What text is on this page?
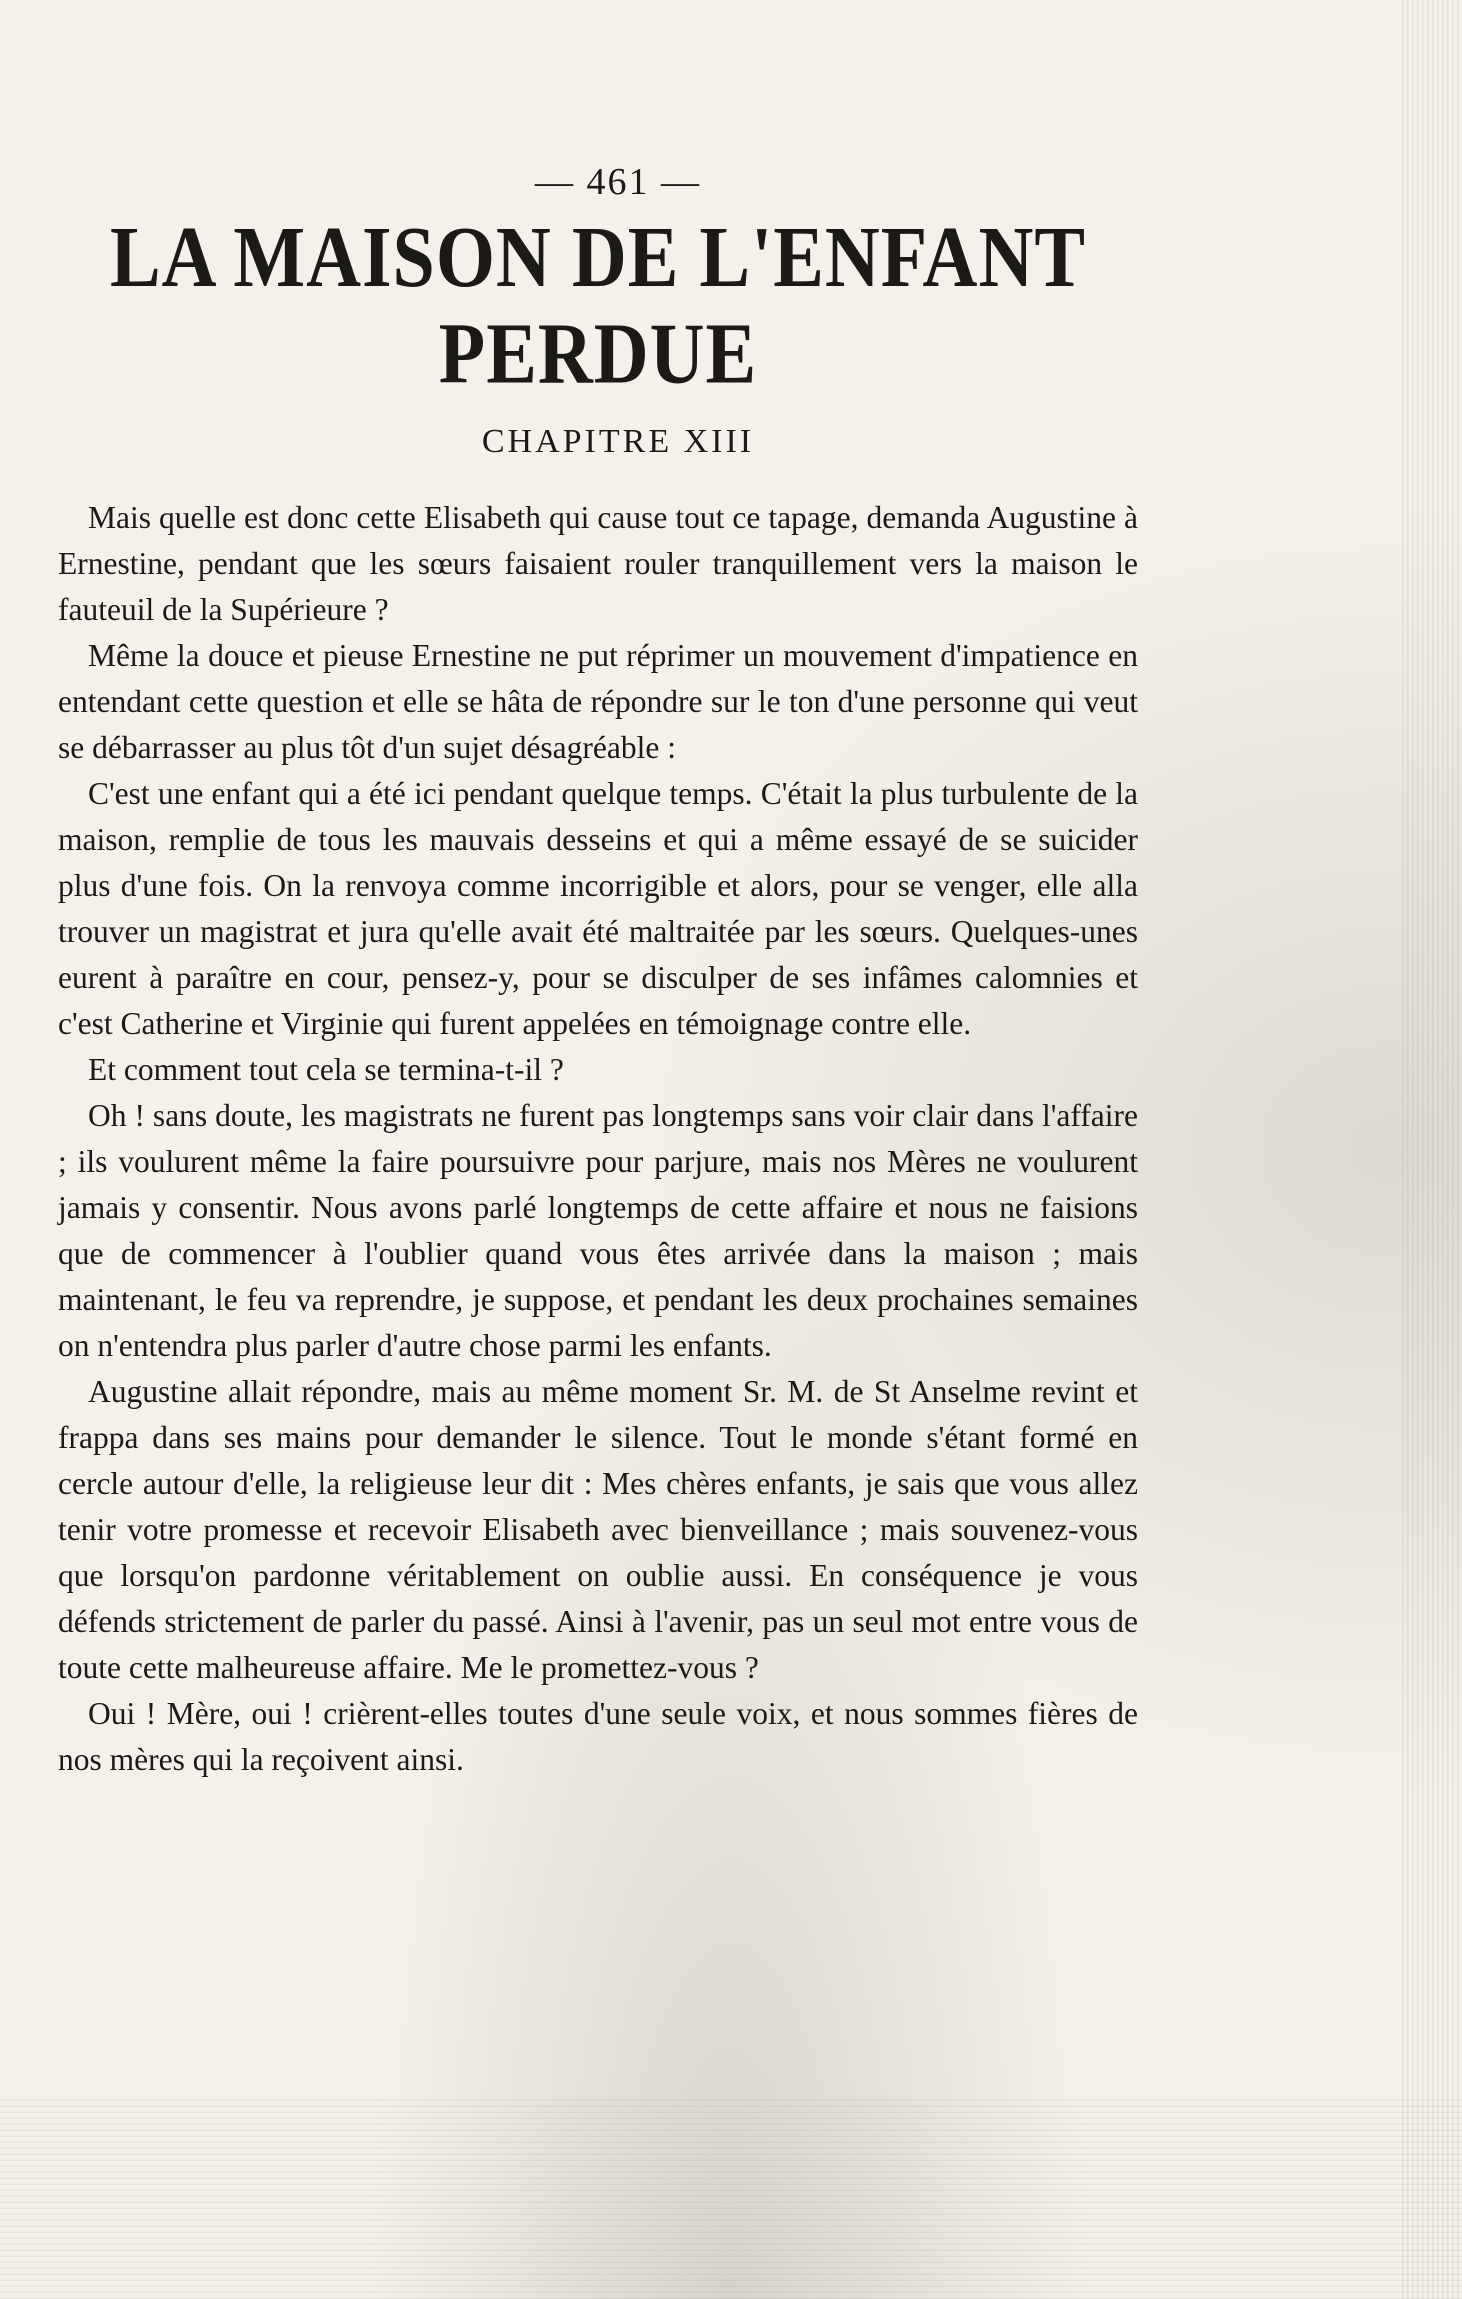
— 461 —
LA MAISON DE L'ENFANT PERDUE
CHAPITRE XIII

Mais quelle est donc cette Elisabeth qui cause tout ce tapage, demanda Augustine à Ernestine, pendant que les sœurs faisaient rouler tranquillement vers la maison le fauteuil de la Supérieure ?

Même la douce et pieuse Ernestine ne put réprimer un mouvement d'impatience en entendant cette question et elle se hâta de répondre sur le ton d'une personne qui veut se débarrasser au plus tôt d'un sujet désagréable :

C'est une enfant qui a été ici pendant quelque temps. C'était la plus turbulente de la maison, remplie de tous les mauvais desseins et qui a même essayé de se suicider plus d'une fois. On la renvoya comme incorrigible et alors, pour se venger, elle alla trouver un magistrat et jura qu'elle avait été maltraitée par les sœurs. Quelques-unes eurent à paraître en cour, pensez-y, pour se disculper de ses infâmes calomnies et c'est Catherine et Virginie qui furent appelées en témoignage contre elle.

Et comment tout cela se termina-t-il ?

Oh ! sans doute, les magistrats ne furent pas longtemps sans voir clair dans l'affaire ; ils voulurent même la faire poursuivre pour parjure, mais nos Mères ne voulurent jamais y consentir. Nous avons parlé longtemps de cette affaire et nous ne faisions que de commencer à l'oublier quand vous êtes arrivée dans la maison ; mais maintenant, le feu va reprendre, je suppose, et pendant les deux prochaines semaines on n'entendra plus parler d'autre chose parmi les enfants.

Augustine allait répondre, mais au même moment Sr. M. de St Anselme revint et frappa dans ses mains pour demander le silence. Tout le monde s'étant formé en cercle autour d'elle, la religieuse leur dit : Mes chères enfants, je sais que vous allez tenir votre promesse et recevoir Elisabeth avec bienveillance ; mais souvenez-vous que lorsqu'on pardonne véritablement on oublie aussi. En conséquence je vous défends strictement de parler du passé. Ainsi à l'avenir, pas un seul mot entre vous de toute cette malheureuse affaire. Me le promettez-vous ?

Oui ! Mère, oui ! crièrent-elles toutes d'une seule voix, et nous sommes fières de nos mères qui la reçoivent ainsi.
